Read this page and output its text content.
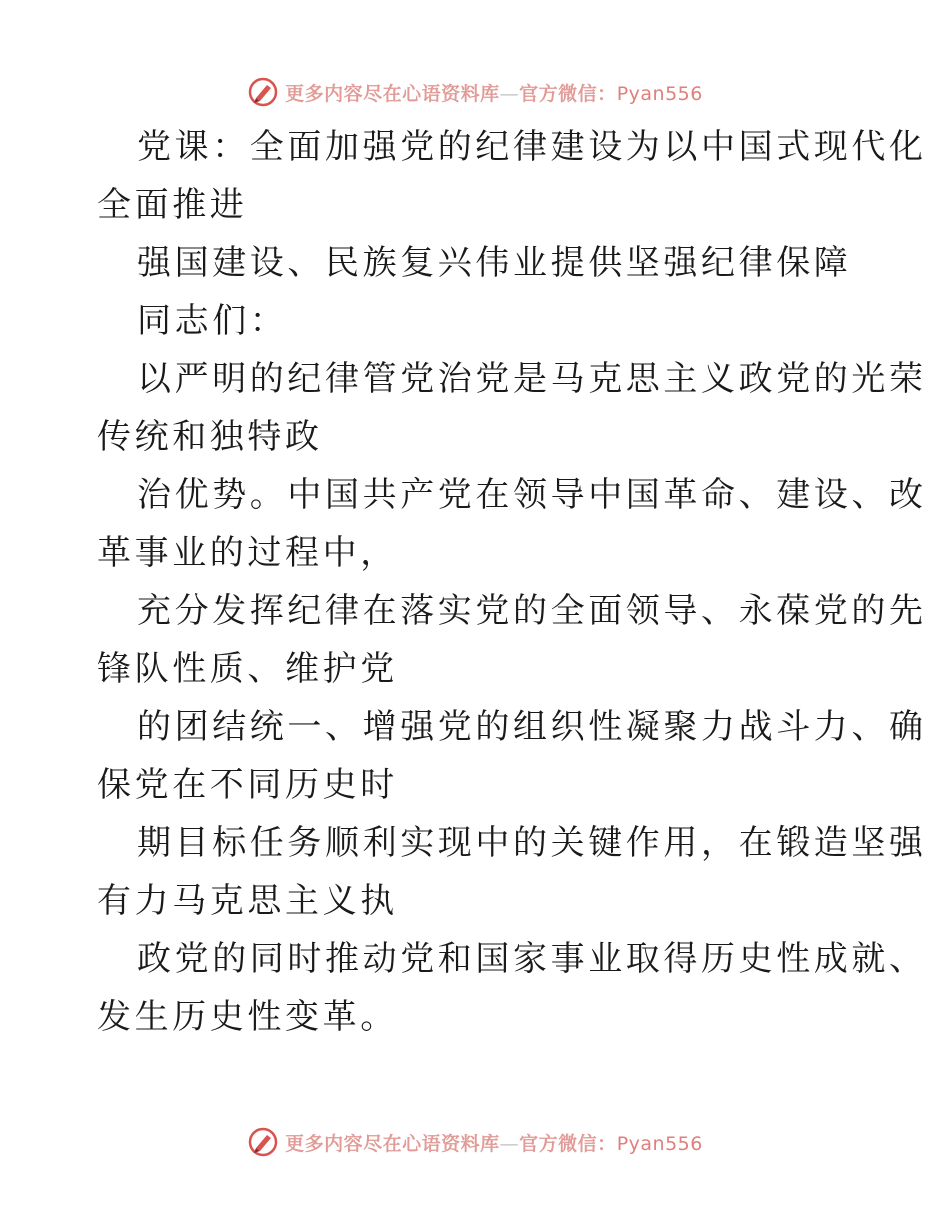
更多内容尽在心语资料库—官方微信：Pyan556

党课：全面加强党的纪律建设为以中国式现代化
全面推进

强国建设、民族复兴伟业提供坚强纪律保障

同志们：

以严明的纪律管党治党是马克思主义政党的光荣
传统和独特政

治优势。中国共产党在领导中国革命、建设、改
革事业的过程中，

充分发挥纪律在落实党的全面领导、永葆党的先
锋队性质、维护党

的团结统一、增强党的组织性凝聚力战斗力、确
保党在不同历史时

期目标任务顺利实现中的关键作用，在锻造坚强
有力马克思主义执

政党的同时推动党和国家事业取得历史性成就、
发生历史性变革。

更多内容尽在心语资料库—官方微信：Pyan556
